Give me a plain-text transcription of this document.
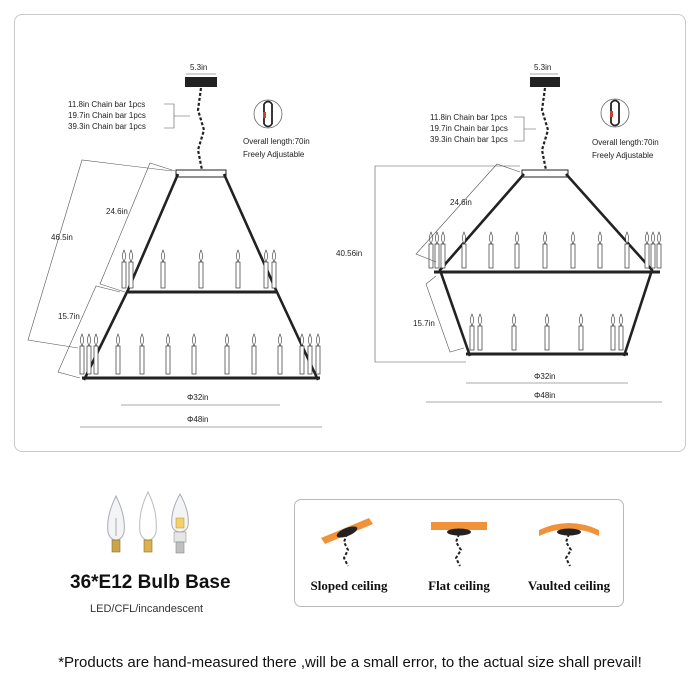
5.3in
11.8in Chain bar 1pcs
19.7in Chain bar 1pcs
39.3in Chain bar 1pcs
Overall length:70in
Freely Adjustable
24.6in
46.5in
15.7in
Φ32in
Φ48in
5.3in
11.8in Chain bar 1pcs
19.7in Chain bar 1pcs
39.3in Chain bar 1pcs	Overall length:70in
Freely Adjustable
24.6in
40.56in
15.7in
Φ32in
Φ48in
36*E12 Bulb Base
LED/CFL/incandescent
Sloped ceiling	Flat ceiling	Vaulted ceiling
*Products are hand-measured there ,will be a small error, to the actual size shall prevail!
